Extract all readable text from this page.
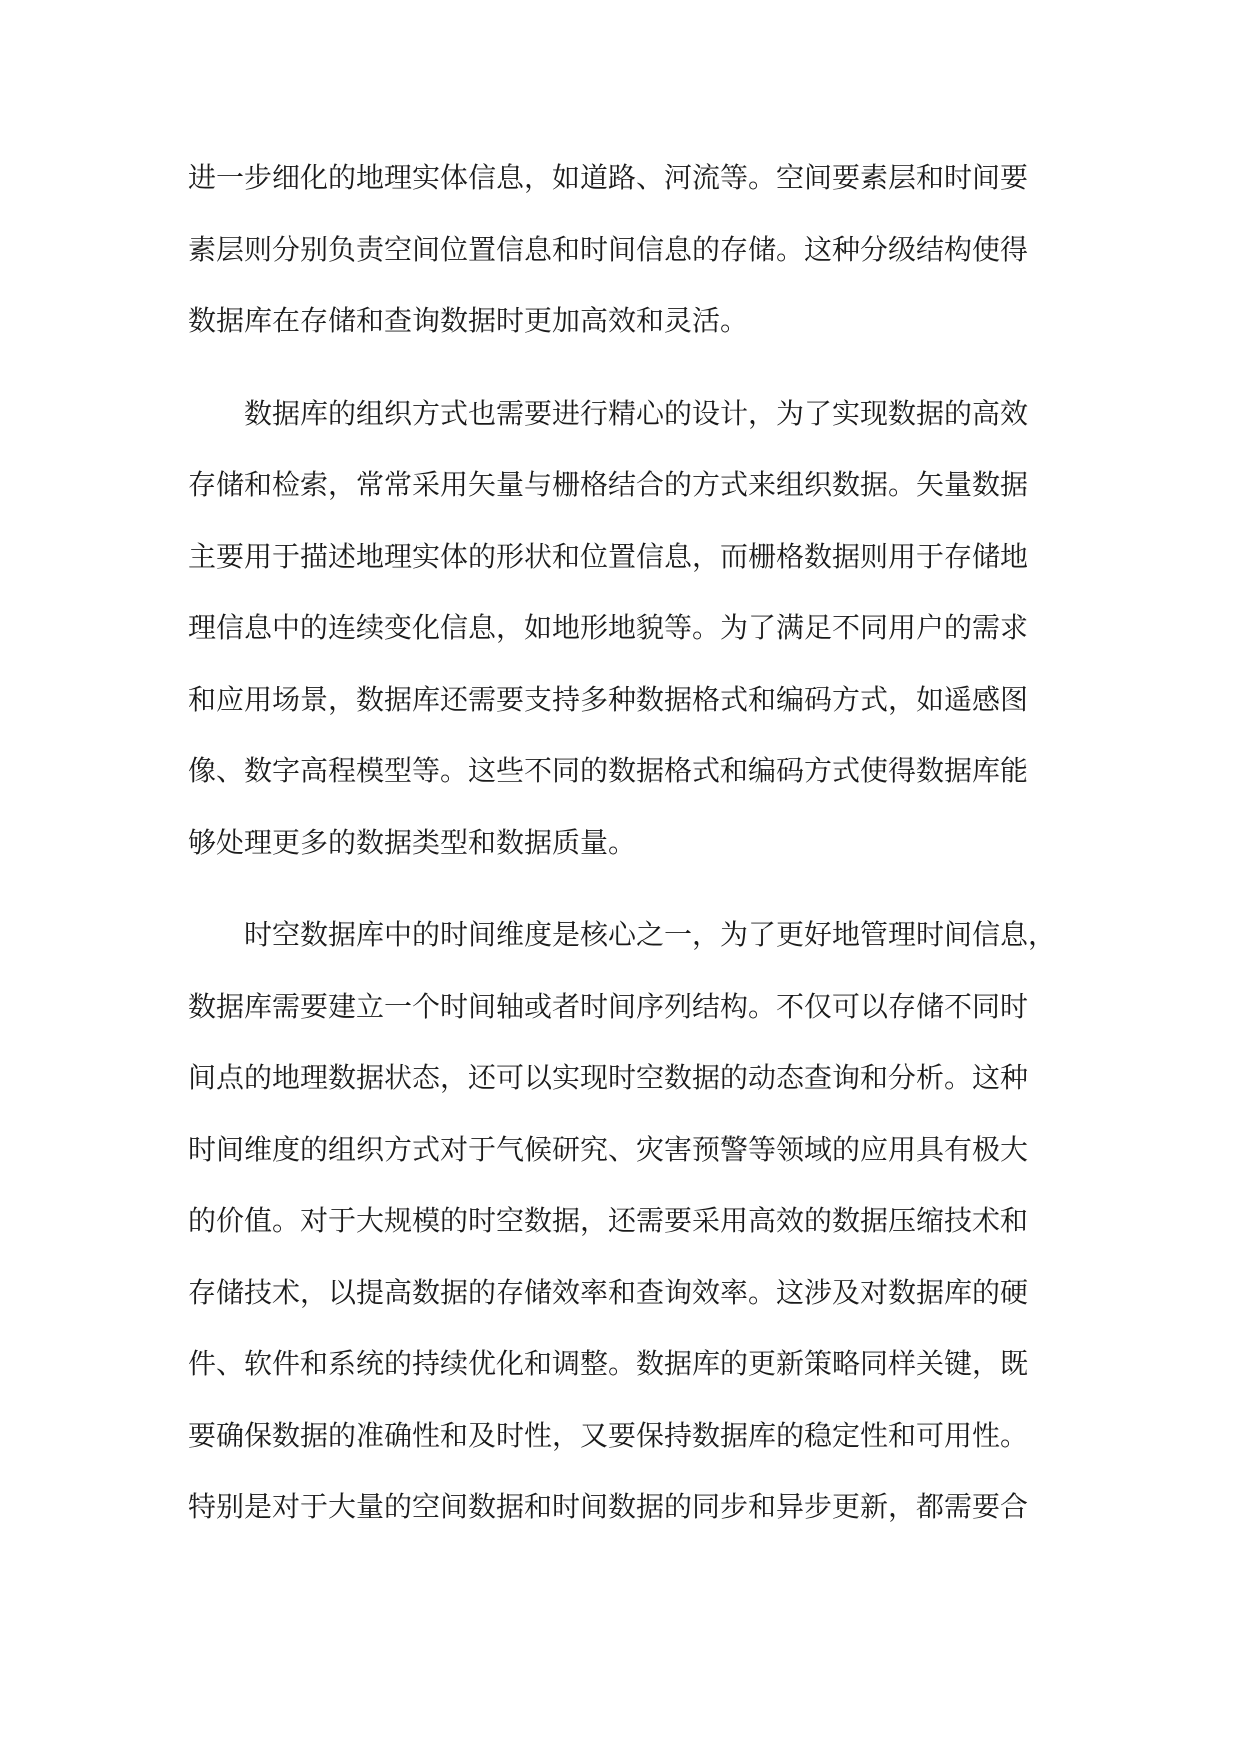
进一步细化的地理实体信息，如道路、河流等。空间要素层和时间要
素层则分别负责空间位置信息和时间信息的存储。这种分级结构使得
数据库在存储和查询数据时更加高效和灵活。
数据库的组织方式也需要进行精心的设计，为了实现数据的高效
存储和检索，常常采用矢量与栅格结合的方式来组织数据。矢量数据
主要用于描述地理实体的形状和位置信息，而栅格数据则用于存储地
理信息中的连续变化信息，如地形地貌等。为了满足不同用户的需求
和应用场景，数据库还需要支持多种数据格式和编码方式，如遥感图
像、数字高程模型等。这些不同的数据格式和编码方式使得数据库能
够处理更多的数据类型和数据质量。
时空数据库中的时间维度是核心之一，为了更好地管理时间信息，
数据库需要建立一个时间轴或者时间序列结构。不仅可以存储不同时
间点的地理数据状态，还可以实现时空数据的动态查询和分析。这种
时间维度的组织方式对于气候研究、灾害预警等领域的应用具有极大
的价值。对于大规模的时空数据，还需要采用高效的数据压缩技术和
存储技术，以提高数据的存储效率和查询效率。这涉及对数据库的硬
件、软件和系统的持续优化和调整。数据库的更新策略同样关键，既
要确保数据的准确性和及时性，又要保持数据库的稳定性和可用性。
特别是对于大量的空间数据和时间数据的同步和异步更新，都需要合
